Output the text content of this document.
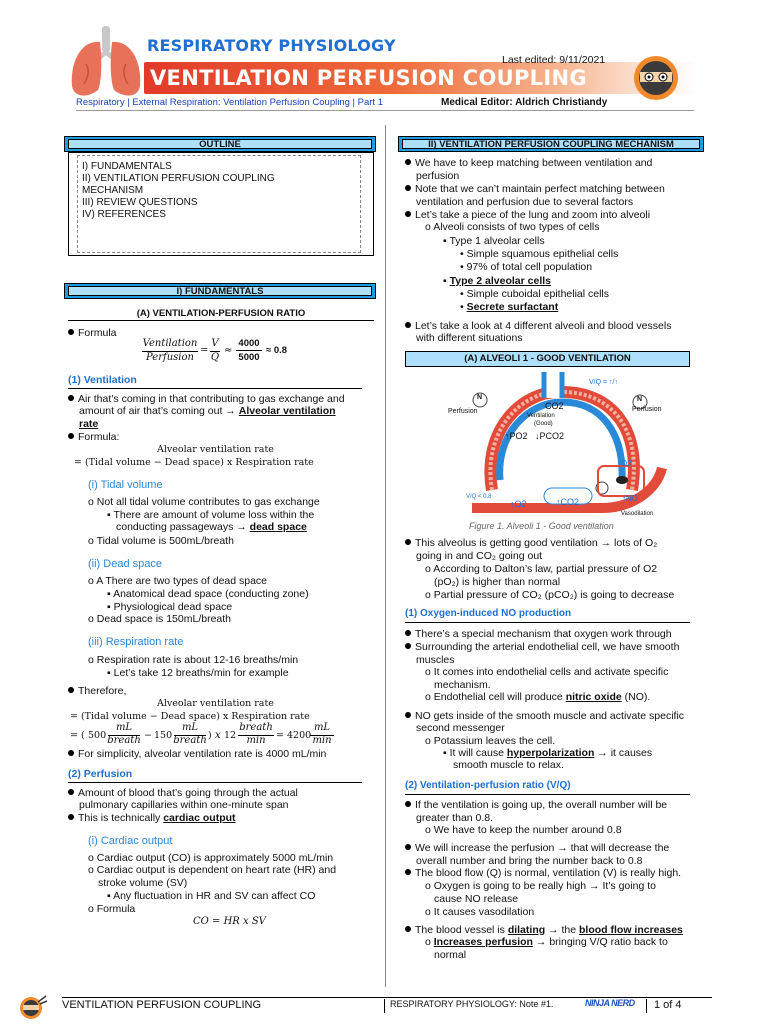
RESPIRATORY PHYSIOLOGY
VENTILATION PERFUSION COUPLING
Last edited: 9/11/2021
Respiratory | External Respiration: Ventilation Perfusion Coupling | Part 1	Medical Editor: Aldrich Christiandy
OUTLINE
I) FUNDAMENTALS
II) VENTILATION PERFUSION COUPLING
MECHANISM
III) REVIEW QUESTIONS
IV) REFERENCES
I) FUNDAMENTALS
(A) VENTILATION-PERFUSION RATIO
Formula
Ventilation
Perfusion
=
V
Q
≈
4000
5000
≈ 0.8
(1) Ventilation
Air that’s coming in that contributing to gas exchange and
amount of air that’s coming out → Alveolar ventilation
rate
Formula:
Alveolar ventilation rate
= (Tidal volume − Dead space) x Respiration rate
(i) Tidal volume
o Not all tidal volume contributes to gas exchange
▪ There are amount of volume loss within the
conducting passageways → dead space
o Tidal volume is 500mL/breath
(ii) Dead space
o A There are two types of dead space
▪ Anatomical dead space (conducting zone)
▪ Physiological dead space
o Dead space is 150mL/breath
(iii) Respiration rate
o Respiration rate is about 12-16 breaths/min
▪ Let’s take 12 breaths/min for example
Therefore,
Alveolar ventilation rate
= (Tidal volume − Dead space) x Respiration rate
= ( 500
mL
breath − 150
mL
breath ) x 12
breath
min	= 4200
mL
min
For simplicity, alveolar ventilation rate is 4000 mL/min
(2) Perfusion
Amount of blood that’s going through the actual
pulmonary capillaries within one-minute span
This is technically cardiac output
(i) Cardiac output
o Cardiac output (CO) is approximately 5000 mL/min
o Cardiac output is dependent on heart rate (HR) and
stroke volume (SV)
▪ Any fluctuation in HR and SV can affect CO
o Formula
CO = HR x SV
II) VENTILATION PERFUSION COUPLING MECHANISM
We have to keep matching between ventilation and
perfusion
Note that we can’t maintain perfect matching between
ventilation and perfusion due to several factors
Let’s take a piece of the lung and zoom into alveoli
o Alveoli consists of two types of cells
▪ Type 1 alveolar cells
• Simple squamous epithelial cells
• 97% of total cell population
▪ Type 2 alveolar cells
• Simple cuboidal epithelial cells
• Secrete surfactant
Let’s take a look at 4 different alveoli and blood vessels
with different situations
(A) ALVEOLI 1 - GOOD VENTILATION
N
Perfusion
N
Perfusion
CO2
Ventilation
(Good)
↑PO2 ↓PCO2
V/Q = ↑/↑
↑O2
↑O2	↑CO2	↑NO
V/Q < 0.8
Vasodilation
Figure 1. Alveoli 1 - Good ventilation
This alveolus is getting good ventilation → lots of O₂
going in and CO₂ going out
o According to Dalton’s law, partial pressure of O2
(pO₂) is higher than normal
o Partial pressure of CO₂ (pCO₂) is going to decrease
(1) Oxygen-induced NO production
There’s a special mechanism that oxygen work through
Surrounding the arterial endothelial cell, we have smooth
muscles
o It comes into endothelial cells and activate specific
mechanism.
o Endothelial cell will produce nitric oxide (NO).
NO gets inside of the smooth muscle and activate specific
second messenger
o Potassium leaves the cell.
▪ It will cause hyperpolarization → it causes
smooth muscle to relax.
(2) Ventilation-perfusion ratio (V/Q)
If the ventilation is going up, the overall number will be
greater than 0.8.
o We have to keep the number around 0.8
We will increase the perfusion → that will decrease the
overall number and bring the number back to 0.8
The blood flow (Q) is normal, ventilation (V) is really high.
o Oxygen is going to be really high → It’s going to
cause NO release
o It causes vasodilation
The blood vessel is dilating → the blood flow increases
o Increases perfusion → bringing V/Q ratio back to
normal
VENTILATION PERFUSION COUPLING	RESPIRATORY PHYSIOLOGY: Note #1.	NINJA NERD 1 of 4
